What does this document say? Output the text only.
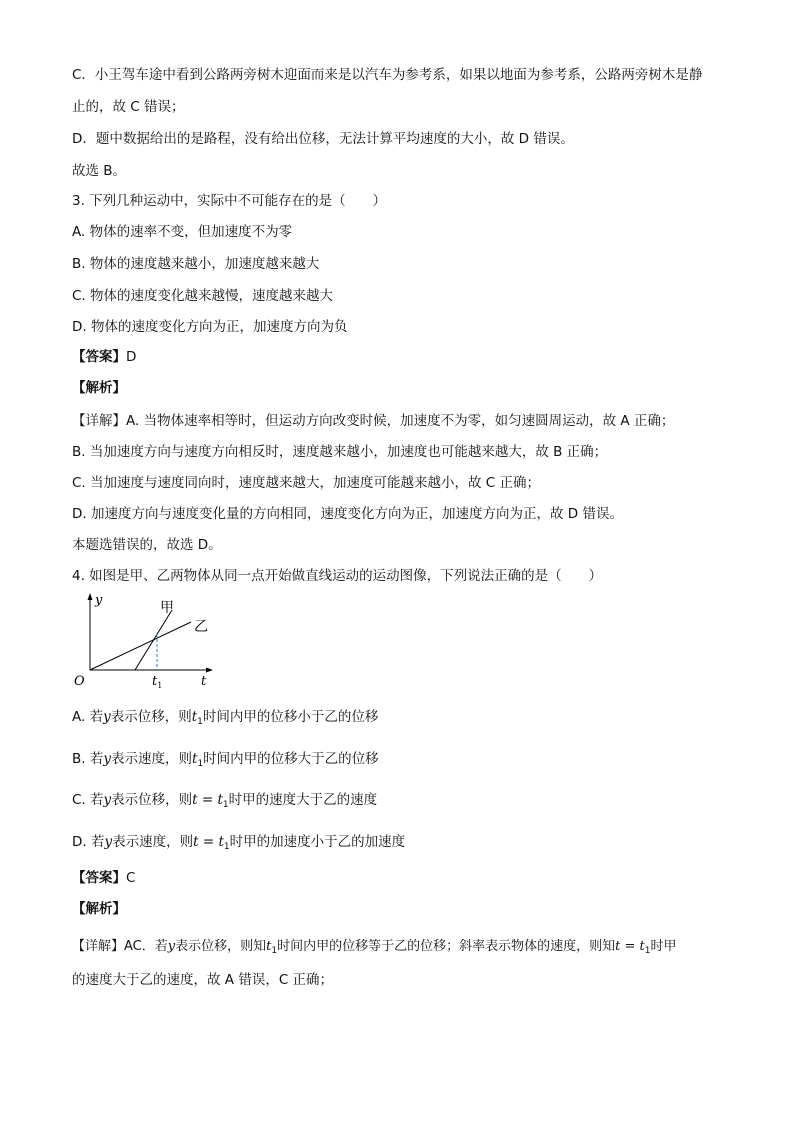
C．小王驾车途中看到公路两旁树木迎面而来是以汽车为参考系，如果以地面为参考系，公路两旁树木是静
止的，故 C 错误；
D．题中数据给出的是路程，没有给出位移，无法计算平均速度的大小，故 D 错误。
故选 B。
3. 下列几种运动中，实际中不可能存在的是（　　）
A. 物体的速率不变，但加速度不为零
B. 物体的速度越来越小，加速度越来越大
C. 物体的速度变化越来越慢，速度越来越大
D. 物体的速度变化方向为正，加速度方向为负
【答案】D
【解析】
【详解】A. 当物体速率相等时，但运动方向改变时候，加速度不为零，如匀速圆周运动，故 A 正确；
B. 当加速度方向与速度方向相反时，速度越来越小，加速度也可能越来越大，故 B 正确；
C. 当加速度与速度同向时，速度越来越大，加速度可能越来越小，故 C 正确；
D. 加速度方向与速度变化量的方向相同，速度变化方向为正，加速度方向为正，故 D 错误。
本题选错误的，故选 D。
4. 如图是甲、乙两物体从同一点开始做直线运动的运动图像，下列说法正确的是（　　）
y
t
O	$t_1$
甲
乙
A. 若y表示位移，则$t_1$时间内甲的位移小于乙的位移
B. 若y表示速度，则$t_1$时间内甲的位移大于乙的位移
C. 若y表示位移，则$t = t_1$时甲的速度大于乙的速度
D. 若y表示速度，则$t = t_1$时甲的加速度小于乙的加速度
【答案】C
【解析】
【详解】AC．若y表示位移，则知$t_1$时间内甲的位移等于乙的位移；斜率表示物体的速度，则知$t = t_1$时甲
的速度大于乙的速度，故 A 错误，C 正确；
